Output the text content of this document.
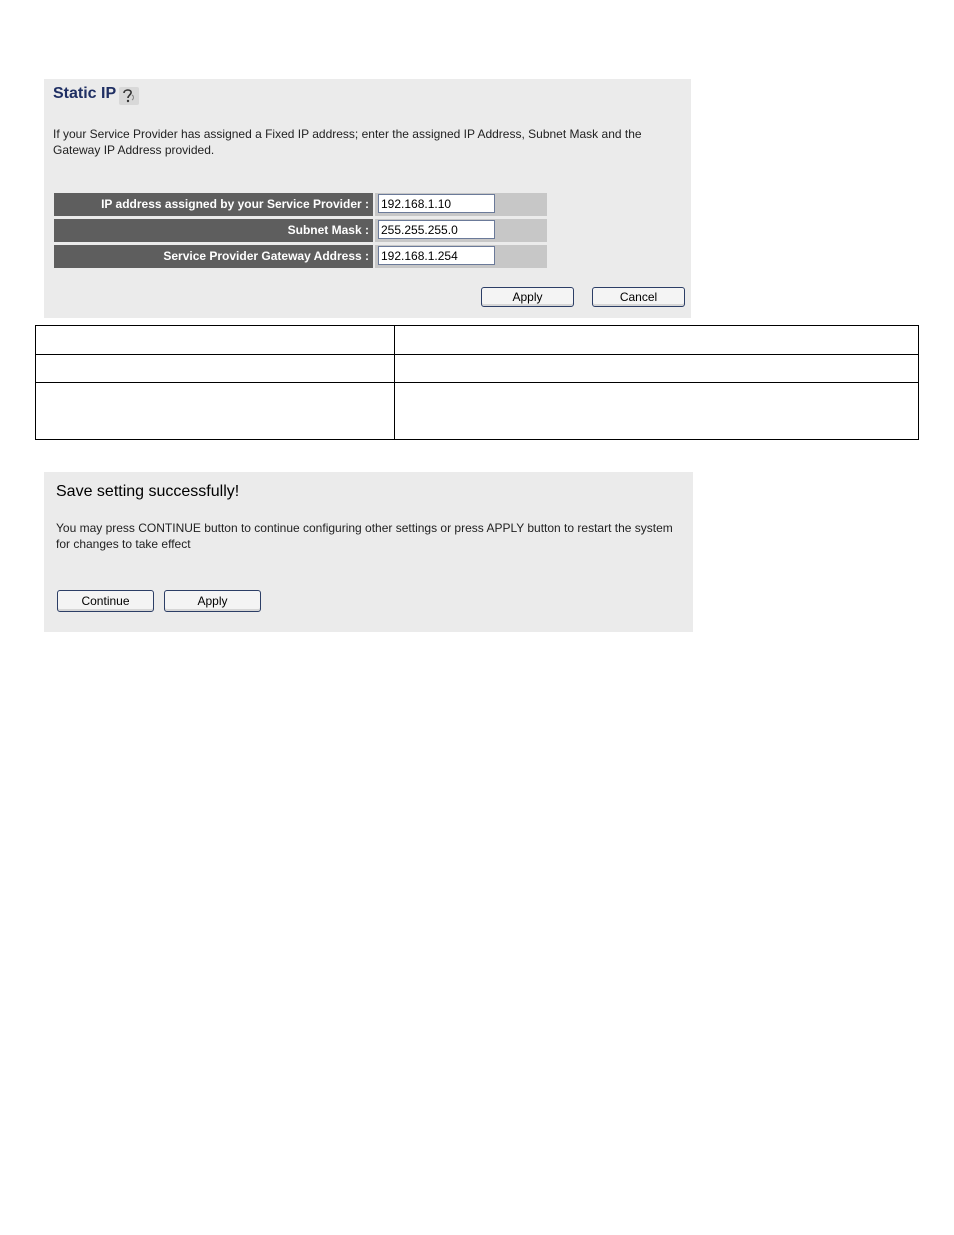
Static IP
If your Service Provider has assigned a Fixed IP address; enter the assigned IP Address, Subnet Mask and the Gateway IP Address provided.
IP address assigned by your Service Provider :
192.168.1.10
Subnet Mask :
255.255.255.0
Service Provider Gateway Address :
192.168.1.254
Apply	Cancel
Save setting successfully!
You may press CONTINUE button to continue configuring other settings or press APPLY button to restart the system for changes to take effect
Continue	Apply
